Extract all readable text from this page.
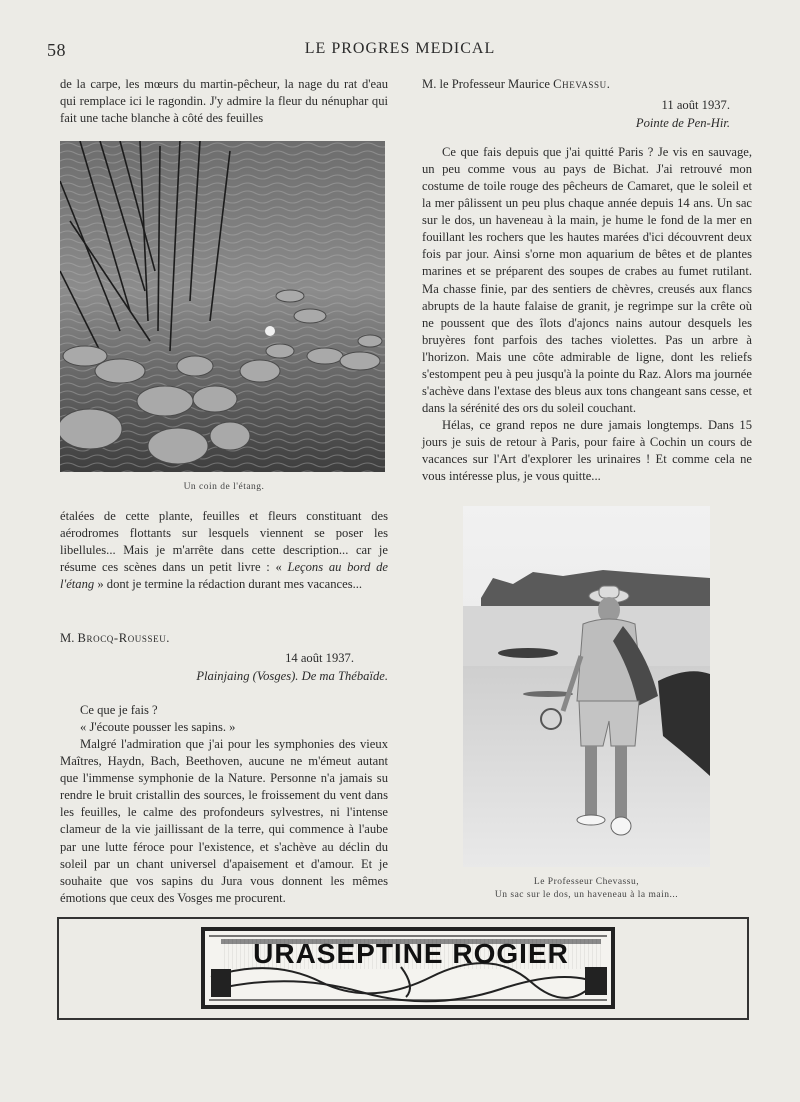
58	LE PROGRES MEDICAL

de la carpe, les mœurs du martin-pêcheur, la nage du rat d'eau qui remplace ici le ragondin. J'y admire la fleur du nénuphar qui fait une tache blanche à côté des feuilles

Un coin de l'étang.

étalées de cette plante, feuilles et fleurs constituant des aérodromes flottants sur lesquels viennent se poser les libellules... Mais je m'arrête dans cette description... car je résume ces scènes dans un petit livre : « Leçons au bord de l'étang » dont je termine la rédaction durant mes vacances...

M. Brocq-Rousseu.

14 août 1937.

Plainjaing (Vosges). De ma Thébaïde.

Ce que je fais ?

« J'écoute pousser les sapins. »

Malgré l'admiration que j'ai pour les symphonies des vieux Maîtres, Haydn, Bach, Beethoven, aucune ne m'émeut autant que l'immense symphonie de la Nature. Personne n'a jamais su rendre le bruit cristallin des sources, le froissement du vent dans les feuilles, le calme des profondeurs sylvestres, ni l'intense clameur de la vie jaillissant de la terre, qui commence à l'aube par une lutte féroce pour l'existence, et s'achève au déclin du soleil par un chant universel d'apaisement et d'amour. Et je souhaite que vos sapins du Jura vous donnent les mêmes émotions que ceux des Vosges me procurent.

M. le Professeur Maurice Chevassu.

11 août 1937.

Pointe de Pen-Hir.

Ce que fais depuis que j'ai quitté Paris ? Je vis en sauvage, un peu comme vous au pays de Bichat. J'ai retrouvé mon costume de toile rouge des pêcheurs de Camaret, que le soleil et la mer pâlissent un peu plus chaque année depuis 14 ans. Un sac sur le dos, un haveneau à la main, je hume le fond de la mer en fouillant les rochers que les hautes marées d'ici découvrent deux fois par jour. Ainsi s'orne mon aquarium de bêtes et de plantes marines et se préparent des soupes de crabes au fumet rutilant. Ma chasse finie, par des sentiers de chèvres, creusés aux flancs abrupts de la haute falaise de granit, je regrimpe sur la crête où ne poussent que des îlots d'ajoncs nains autour desquels les bruyères font parfois des taches violettes. Pas un arbre à l'horizon. Mais une côte admirable de ligne, dont les reliefs s'estompent peu à peu jusqu'à la pointe du Raz. Alors ma journée s'achève dans l'extase des bleus aux tons changeant sans cesse, et dans la sérénité des ors du soleil couchant.

Hélas, ce grand repos ne dure jamais longtemps. Dans 15 jours je suis de retour à Paris, pour faire à Cochin un cours de vacances sur l'Art d'explorer les urinaires ! Et comme cela ne vous intéresse plus, je vous quitte...

Le Professeur Chevassu,
Un sac sur le dos, un haveneau à la main...
URASEPTINE ROGIER
